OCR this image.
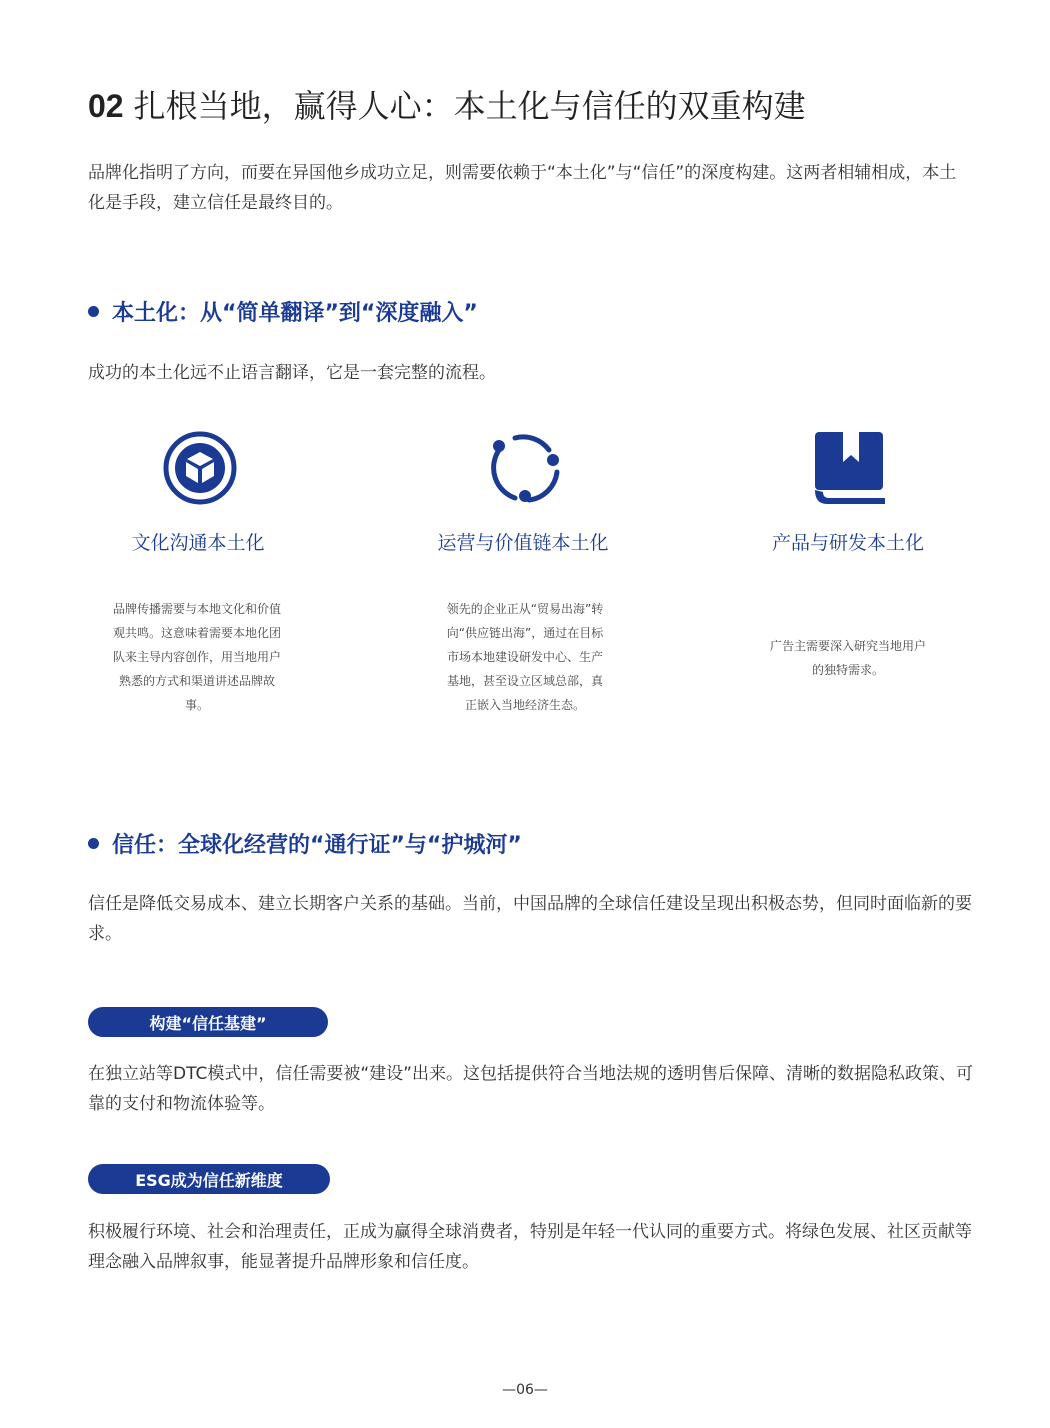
02 扎根当地，赢得人心：本土化与信任的双重构建
品牌化指明了方向，而要在异国他乡成功立足，则需要依赖于“本土化”与“信任”的深度构建。这两者相辅相成，本土化是手段，建立信任是最终目的。
本土化：从“简单翻译”到“深度融入”
成功的本土化远不止语言翻译，它是一套完整的流程。
文化沟通本土化
品牌传播需要与本地文化和价值观共鸣。这意味着需要本地化团队来主导内容创作，用当地用户熟悉的方式和渠道讲述品牌故事。
运营与价值链本土化
领先的企业正从“贸易出海”转向“供应链出海”，通过在目标市场本地建设研发中心、生产基地，甚至设立区域总部，真正嵌入当地经济生态。
产品与研发本土化
广告主需要深入研究当地用户的独特需求。
信任：全球化经营的“通行证”与“护城河”
信任是降低交易成本、建立长期客户关系的基础。当前，中国品牌的全球信任建设呈现出积极态势，但同时面临新的要求。
构建“信任基建”
在独立站等DTC模式中，信任需要被“建设”出来。这包括提供符合当地法规的透明售后保障、清晰的数据隐私政策、可靠的支付和物流体验等。
ESG成为信任新维度
积极履行环境、社会和治理责任，正成为赢得全球消费者，特别是年轻一代认同的重要方式。将绿色发展、社区贡献等理念融入品牌叙事，能显著提升品牌形象和信任度。
—06—
